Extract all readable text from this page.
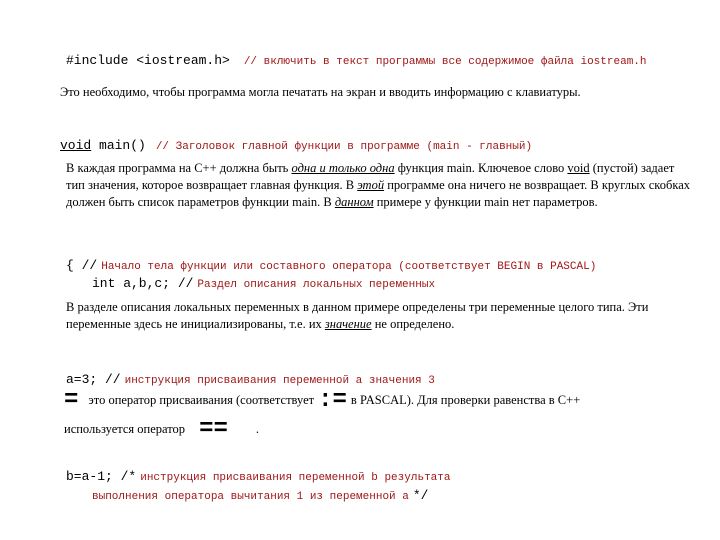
#include <iostream.h> // включить в текст программы все содержимое файла iostream.h
Это необходимо, чтобы программа могла печатать на экран и вводить информацию с клавиатуры.
void main() // Заголовок главной функции в программе (main - главный)
В каждая программа на С++ должна быть одна и только одна функция main. Ключевое слово void (пустой) задает тип значения, которое возвращает главная функция. В этой программе она ничего не возвращает. В круглых скобках должен быть список параметров функции main. В данном примере у функции main нет параметров.
{ // Начало тела функции или составного оператора (соответствует BEGIN в PASCAL)
int a,b,c; // Раздел описания локальных переменных
В разделе описания локальных переменных в данном примере определены три переменные целого типа. Эти переменные здесь не инициализированы, т.е. их значение не определено.
a=3; // инструкция присваивания переменной a значения 3
= это оператор присваивания (соответствует := в PASCAL). Для проверки равенства в С++
используется оператор == .
b=a-1; /* инструкция присваивания переменной b результата
выполнения оператора вычитания 1 из переменной a */
